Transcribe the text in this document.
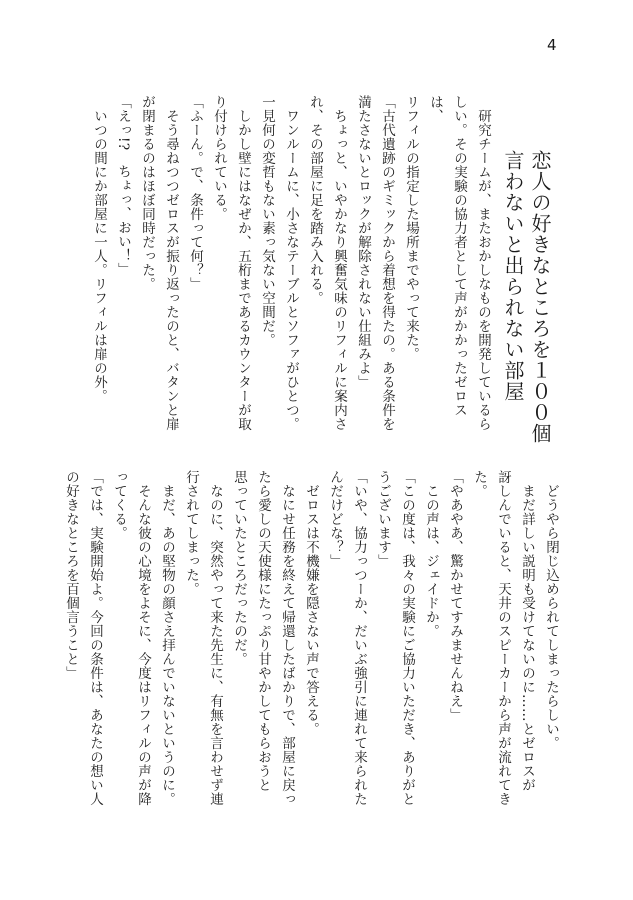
4
恋人の好きなところを１００個
言わないと出られない部屋

　研究チームが、またおかしなものを開発しているら

しい。その実験の協力者として声がかかったゼロスは、

リフィルの指定した場所までやって来た。

「古代遺跡のギミックから着想を得たの。ある条件を

満たさないとロックが解除されない仕組みよ」

　ちょっと、いやかなり興奮気味のリフィルに案内さ

れ、その部屋に足を踏み入れる。

　ワンルームに、小さなテーブルとソファがひとつ。

一見何の変哲もない素っ気ない空間だ。

　しかし壁にはなぜか、五桁まであるカウンターが取

り付けられている。

「ふーん。で、条件って何？」

　そう尋ねつつゼロスが振り返ったのと、バタンと扉

が閉まるのはほぼ同時だった。

「えっ!?　ちょっ、おい！」

　いつの間にか部屋に一人。リフィルは扉の外。

　どうやら閉じ込められてしまったらしい。

　まだ詳しい説明も受けてないのに……とゼロスが

訝しんでいると、天井のスピーカーから声が流れてき

た。

「やあやあ、驚かせてすみませんねえ」

　この声は、ジェイドか。

「この度は、我々の実験にご協力いただき、ありがと

うございます」

「いや、協力っつーか、だいぶ強引に連れて来られた

んだけどな？」

　ゼロスは不機嫌を隠さない声で答える。

　なにせ任務を終えて帰還したばかりで、部屋に戻っ

たら愛しの天使様にたっぷり甘やかしてもらおうと

思っていたところだったのだ。

　なのに、突然やって来た先生に、有無を言わせず連

行されてしまった。

　まだ、あの堅物の顔さえ拝んでいないというのに。

　そんな彼の心境をよそに、今度はリフィルの声が降

ってくる。

「では、実験開始よ。今回の条件は、あなたの想い人

の好きなところを百個言うこと」
